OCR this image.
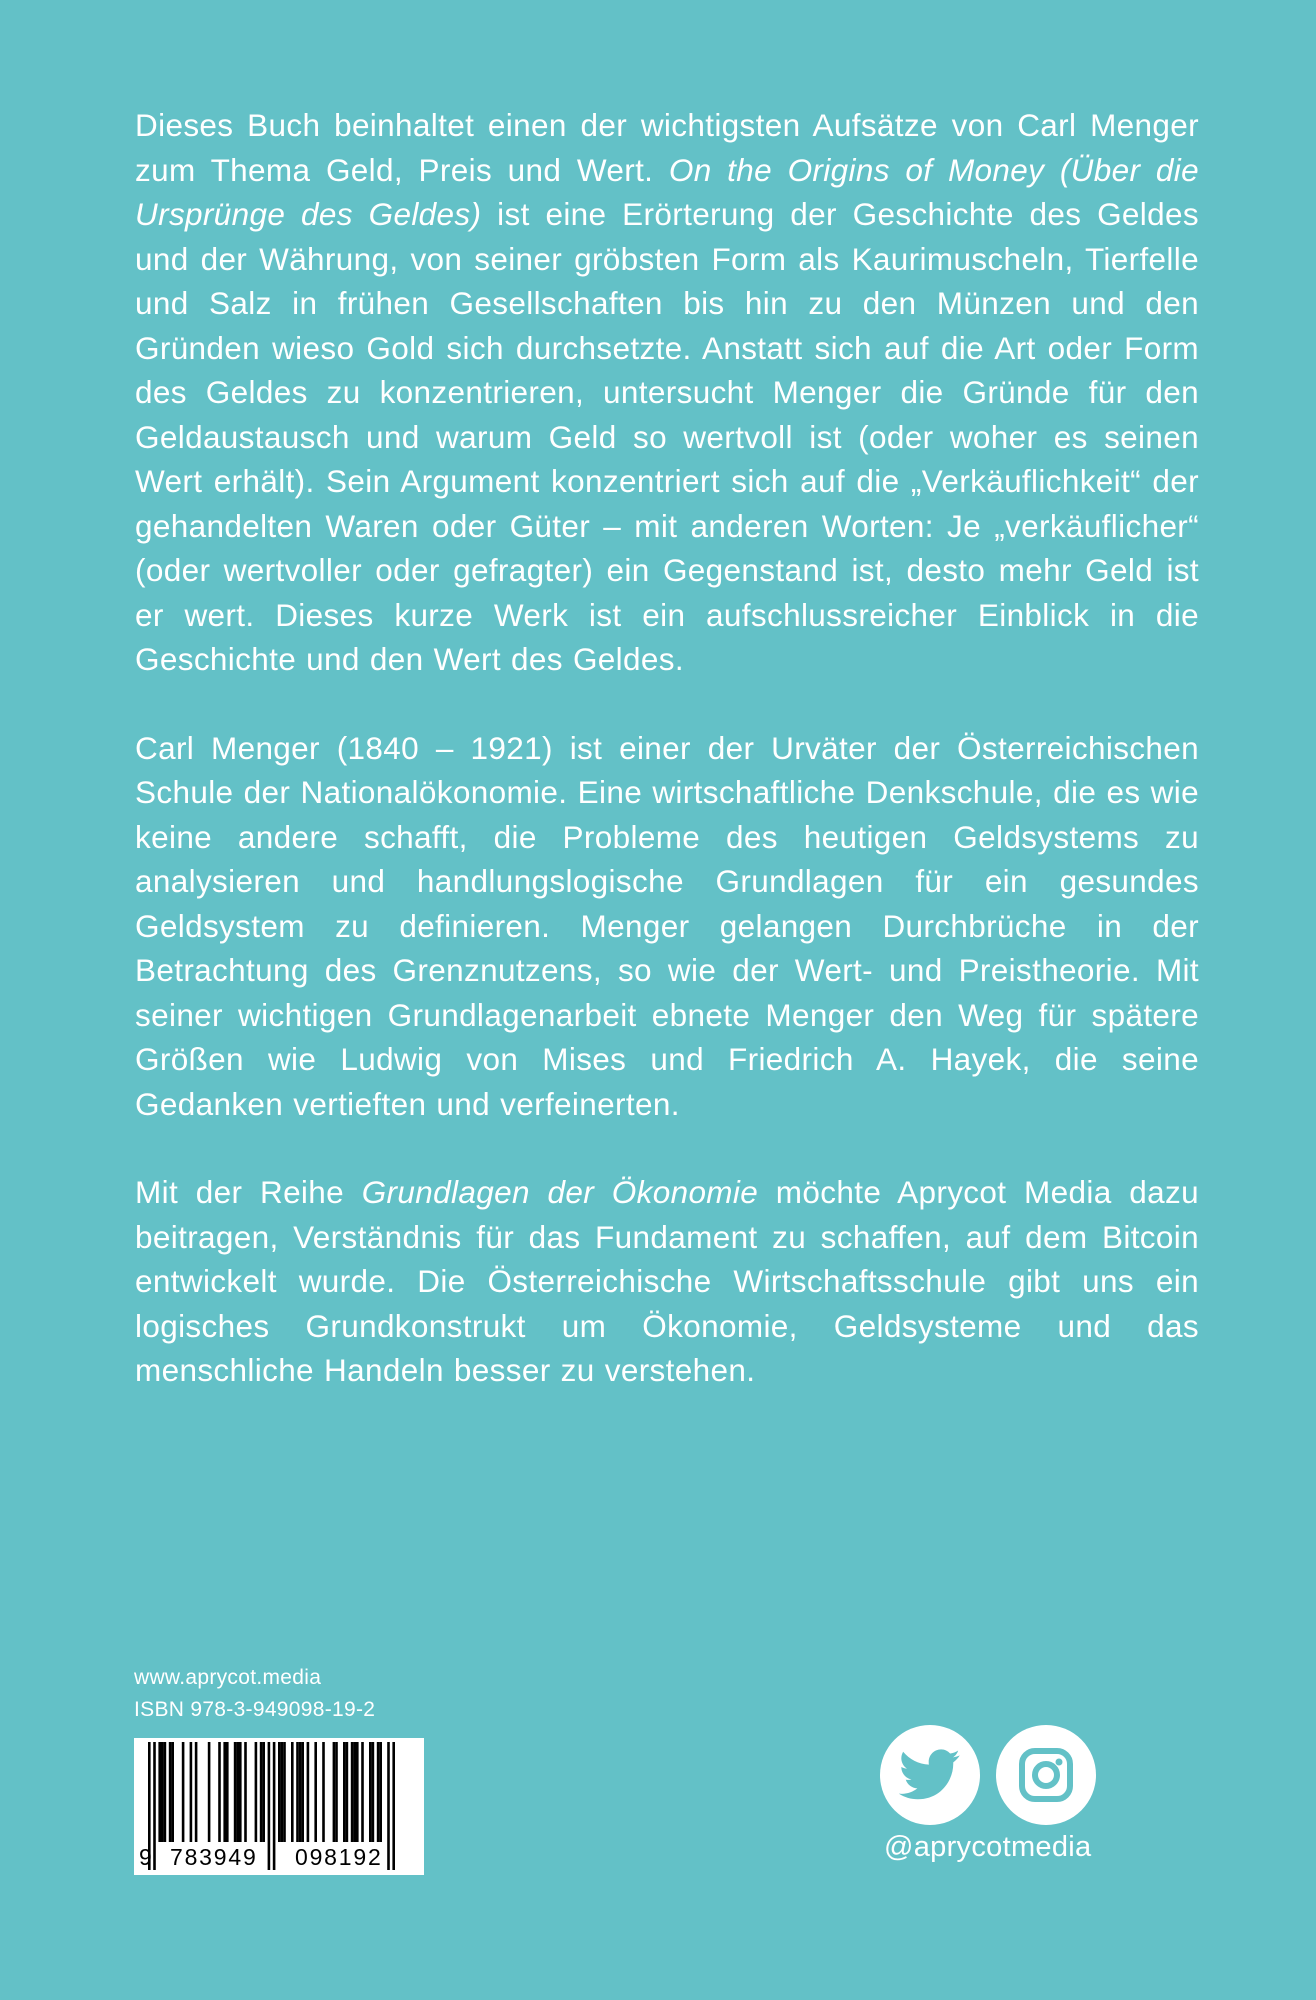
Dieses Buch beinhaltet einen der wichtigsten Aufsätze von Carl Menger zum Thema Geld, Preis und Wert. On the Origins of Money (Über die Ursprünge des Geldes) ist eine Erörterung der Geschichte des Geldes und der Währung, von seiner gröbsten Form als Kaurimuscheln, Tierfelle und Salz in frühen Gesellschaften bis hin zu den Münzen und den Gründen wieso Gold sich durchsetzte. Anstatt sich auf die Art oder Form des Geldes zu konzentrieren, untersucht Menger die Gründe für den Geldaustausch und warum Geld so wertvoll ist (oder woher es seinen Wert erhält). Sein Argument konzentriert sich auf die „Verkäuflichkeit“ der gehandelten Waren oder Güter – mit anderen Worten: Je „verkäuflicher“ (oder wertvoller oder gefragter) ein Gegenstand ist, desto mehr Geld ist er wert. Dieses kurze Werk ist ein aufschlussreicher Einblick in die Geschichte und den Wert des Geldes.

Carl Menger (1840 – 1921) ist einer der Urväter der Österreichischen Schule der Nationalökonomie. Eine wirtschaftliche Denkschule, die es wie keine andere schafft, die Probleme des heutigen Geldsystems zu analysieren und handlungslogische Grundlagen für ein gesundes Geldsystem zu definieren. Menger gelangen Durchbrüche in der Betrachtung des Grenznutzens, so wie der Wert- und Preistheorie. Mit seiner wichtigen Grundlagenarbeit ebnete Menger den Weg für spätere Größen wie Ludwig von Mises und Friedrich A. Hayek, die seine Gedanken vertieften und verfeinerten.

Mit der Reihe Grundlagen der Ökonomie möchte Aprycot Media dazu beitragen, Verständnis für das Fundament zu schaffen, auf dem Bitcoin entwickelt wurde. Die Österreichische Wirtschaftsschule gibt uns ein logisches Grundkonstrukt um Ökonomie, Geldsysteme und das menschliche Handeln besser zu verstehen.

www.aprycot.media
ISBN 978-3-949098-19-2
9 783949 098192	@aprycotmedia
